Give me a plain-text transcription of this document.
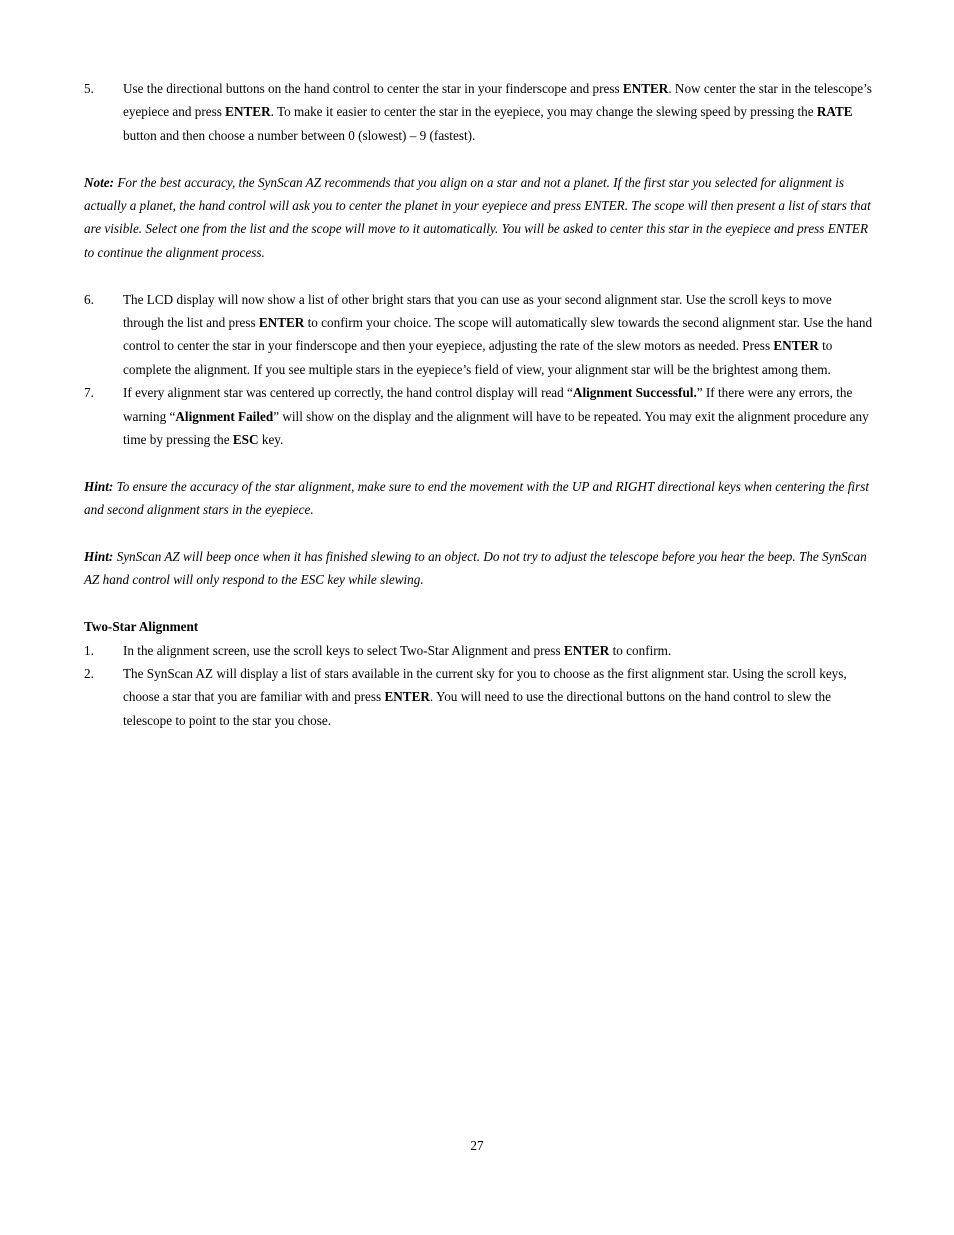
5. Use the directional buttons on the hand control to center the star in your finderscope and press ENTER. Now center the star in the telescope’s eyepiece and press ENTER. To make it easier to center the star in the eyepiece, you may change the slewing speed by pressing the RATE button and then choose a number between 0 (slowest) – 9 (fastest).
Note: For the best accuracy, the SynScan AZ recommends that you align on a star and not a planet. If the first star you selected for alignment is actually a planet, the hand control will ask you to center the planet in your eyepiece and press ENTER. The scope will then present a list of stars that are visible. Select one from the list and the scope will move to it automatically. You will be asked to center this star in the eyepiece and press ENTER to continue the alignment process.
6. The LCD display will now show a list of other bright stars that you can use as your second alignment star. Use the scroll keys to move through the list and press ENTER to confirm your choice. The scope will automatically slew towards the second alignment star. Use the hand control to center the star in your finderscope and then your eyepiece, adjusting the rate of the slew motors as needed. Press ENTER to complete the alignment. If you see multiple stars in the eyepiece’s field of view, your alignment star will be the brightest among them.
7. If every alignment star was centered up correctly, the hand control display will read “Alignment Successful.” If there were any errors, the warning “Alignment Failed” will show on the display and the alignment will have to be repeated. You may exit the alignment procedure any time by pressing the ESC key.
Hint: To ensure the accuracy of the star alignment, make sure to end the movement with the UP and RIGHT directional keys when centering the first and second alignment stars in the eyepiece.
Hint: SynScan AZ will beep once when it has finished slewing to an object. Do not try to adjust the telescope before you hear the beep. The SynScan AZ hand control will only respond to the ESC key while slewing.
Two-Star Alignment
1. In the alignment screen, use the scroll keys to select Two-Star Alignment and press ENTER to confirm.
2. The SynScan AZ will display a list of stars available in the current sky for you to choose as the first alignment star. Using the scroll keys, choose a star that you are familiar with and press ENTER. You will need to use the directional buttons on the hand control to slew the telescope to point to the star you chose.
27
